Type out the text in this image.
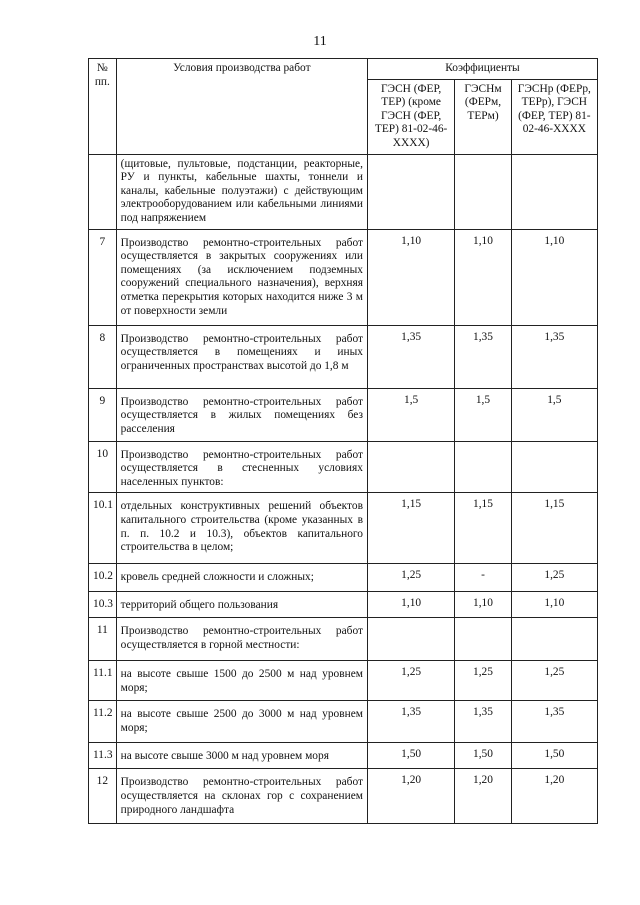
11
№
пп.	Условия производства работ	Коэффициенты		
		ГЭСН (ФЕР, ТЕР) (кроме ГЭСН (ФЕР, ТЕР) 81-02-46-XXXX)	ГЭСНм (ФЕРм, ТЕРм)	ГЭСНр (ФЕРр, ТЕРр), ГЭСН (ФЕР, ТЕР) 81-02-46-XXXX

	(щитовые, пультовые, подстанции, реакторные, РУ и пункты, кабельные шахты, тоннели и каналы, кабельные полуэтажи) с действующим электрооборудованием или кабельными линиями под напряжением			

7	Производство ремонтно-строительных работ осуществляется в закрытых сооружениях или помещениях (за исключением подземных сооружений специального назначения), верхняя отметка перекрытия которых находится ниже 3 м от поверхности земли	1,10	1,10	1,10
8	Производство ремонтно-строительных работ осуществляется в помещениях и иных ограниченных пространствах высотой до 1,8 м	1,35	1,35	1,35
9	Производство ремонтно-строительных работ осуществляется в жилых помещениях без расселения	1,5	1,5	1,5
10	Производство ремонтно-строительных работ осуществляется в стесненных условиях населенных пунктов:			

10.1	отдельных конструктивных решений объектов капитального строительства (кроме указанных в п. п. 10.2 и 10.3), объектов капитального строительства в целом;	1,15	1,15	1,15
10.2	кровель средней сложности и сложных;	1,25	-	1,25
10.3	территорий общего пользования	1,10	1,10	1,10
11	Производство ремонтно-строительных работ осуществляется в горной местности:			

11.1	на высоте свыше 1500 до 2500 м над уровнем моря;	1,25	1,25	1,25
11.2	на высоте свыше 2500 до 3000 м над уровнем моря;	1,35	1,35	1,35
11.3	на высоте свыше 3000 м над уровнем моря	1,50	1,50	1,50
12	Производство ремонтно-строительных работ осуществляется на склонах гор с сохранением природного ландшафта	1,20	1,20	1,20
